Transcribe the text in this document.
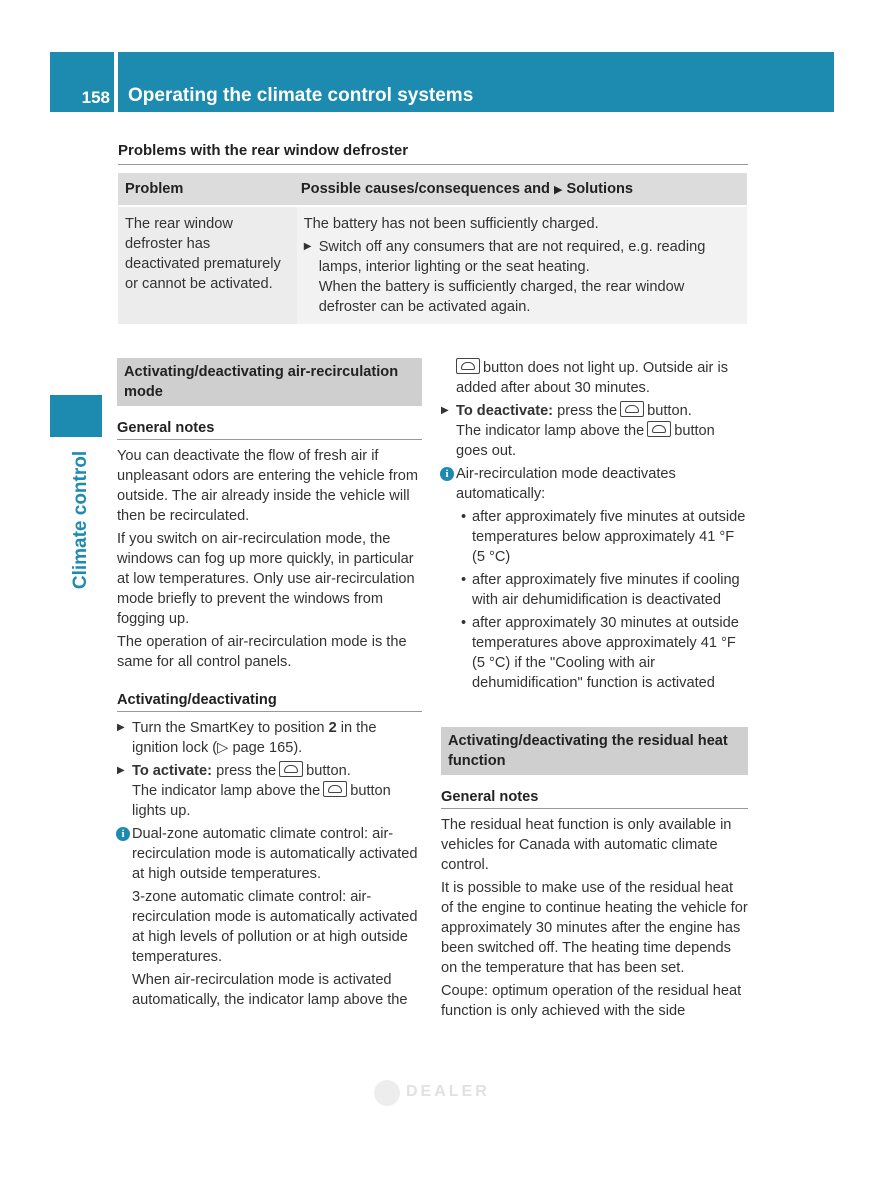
158 Operating the climate control systems
Climate control
Problems with the rear window defroster
Problem	Possible causes/consequences and ▶ Solutions
The rear window defroster has deactivated prematurely or cannot be activated.

The battery has not been sufficiently charged.

▶ Switch off any consumers that are not required, e.g. reading lamps, interior lighting or the seat heating.
When the battery is sufficiently charged, the rear window defroster can be activated again.
Activating/deactivating air-recirculation mode
General notes

You can deactivate the flow of fresh air if unpleasant odors are entering the vehicle from outside. The air already inside the vehicle will then be recirculated.

If you switch on air-recirculation mode, the windows can fog up more quickly, in particular at low temperatures. Only use air-recirculation mode briefly to prevent the windows from fogging up.

The operation of air-recirculation mode is the same for all control panels.

Activating/deactivating
▶ Turn the SmartKey to position 2 in the ignition lock (▷ page 165).
▶ To activate: press the button.
The indicator lamp above the button lights up.
i Dual-zone automatic climate control: air-recirculation mode is automatically activated at high outside temperatures.

3-zone automatic climate control: air-recirculation mode is automatically activated at high levels of pollution or at high outside temperatures.

When air-recirculation mode is activated automatically, the indicator lamp above the

button does not light up. Outside air is added after about 30 minutes.

▶ To deactivate: press the button.
The indicator lamp above the button goes out.
i Air-recirculation mode deactivates automatically:

• after approximately five minutes at outside temperatures below approximately 41 °F (5 °C)
• after approximately five minutes if cooling with air dehumidification is deactivated
• after approximately 30 minutes at outside temperatures above approximately 41 °F (5 °C) if the "Cooling with air dehumidification" function is activated
Activating/deactivating the residual heat function
General notes

The residual heat function is only available in vehicles for Canada with automatic climate control.

It is possible to make use of the residual heat of the engine to continue heating the vehicle for approximately 30 minutes after the engine has been switched off. The heating time depends on the temperature that has been set.

Coupe: optimum operation of the residual heat function is only achieved with the side

DEALER
